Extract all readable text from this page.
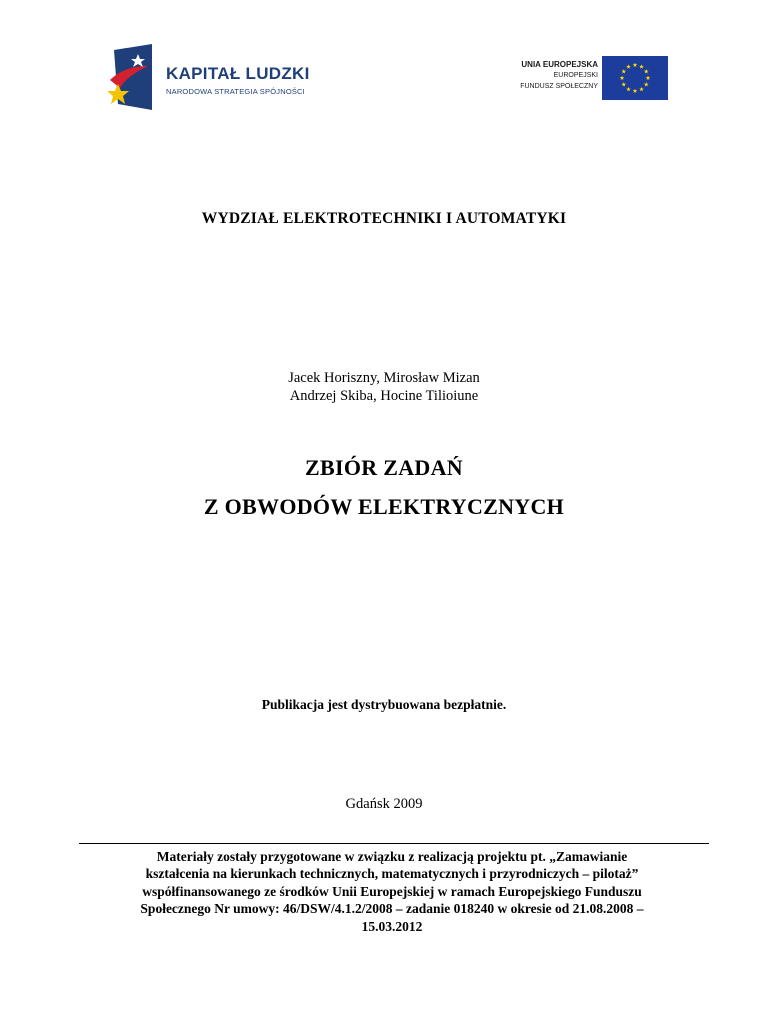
KAPITAŁ LUDZKI
NARODOWA STRATEGIA SPÓJNOŚCI
UNIA EUROPEJSKA
EUROPEJSKI
FUNDUSZ SPOŁECZNY
WYDZIAŁ ELEKTROTECHNIKI I AUTOMATYKI
Jacek Horiszny, Mirosław Mizan
Andrzej Skiba, Hocine Tilioiune
ZBIÓR ZADAŃ
Z OBWODÓW ELEKTRYCZNYCH
Publikacja jest dystrybuowana bezpłatnie.
Gdańsk 2009
Materiały zostały przygotowane w związku z realizacją projektu pt. „Zamawianie
kształcenia na kierunkach technicznych, matematycznych i przyrodniczych – pilotaż”
współfinansowanego ze środków Unii Europejskiej w ramach Europejskiego Funduszu
Społecznego Nr umowy: 46/DSW/4.1.2/2008 – zadanie 018240 w okresie od 21.08.2008 –
15.03.2012
